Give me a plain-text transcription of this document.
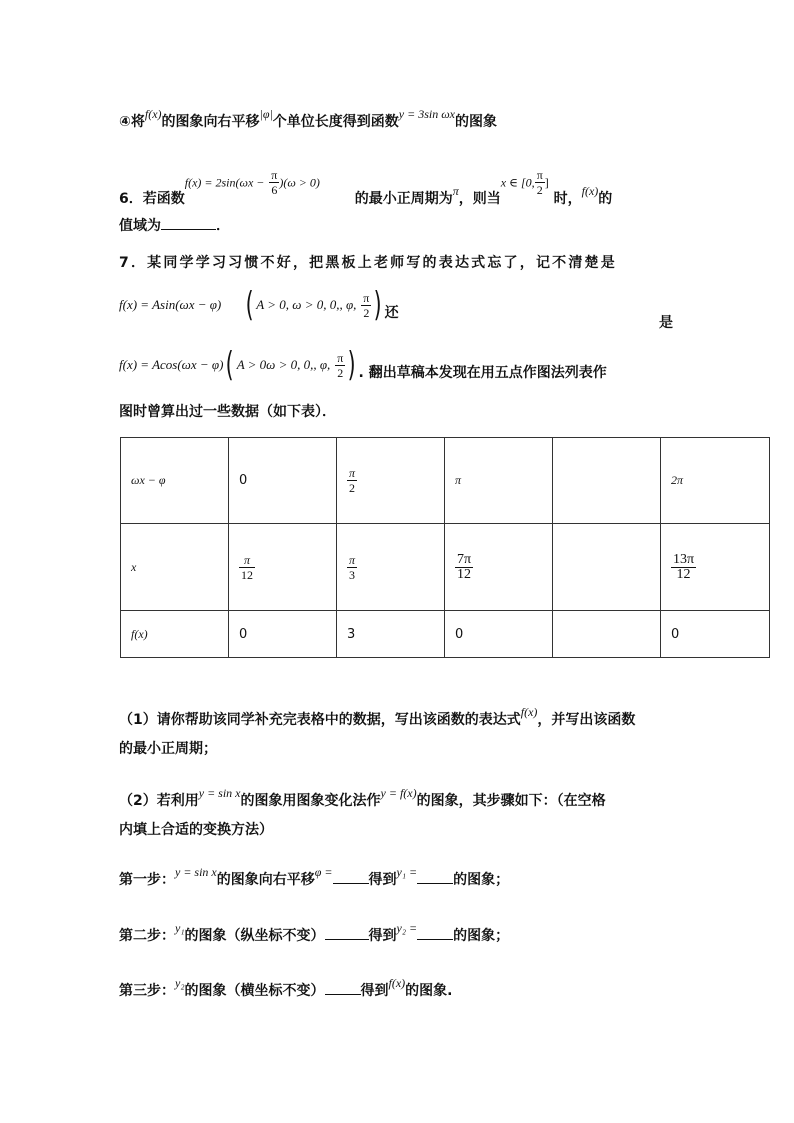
④将f(x)的图象向右平移|φ|个单位长度得到函数y = 3sin ωx的图象
6．若函数$f(x) = 2\sin(\omega x - \frac{\pi}{6} )(\omega > 0)$ 的最小正周期为π，则当x ∈ [0, $\frac{\pi}{2}$ ] 时，f(x)的
值域为	．
7．某同学学习习惯不好，把黑板上老师写的表达式忘了，记不清楚是
f(x) = Asin(ωx − φ) ( A > 0, ω > 0, 0,, φ, $\frac{\pi}{2}$ ) 还
是
f(x) = Acos(ωx − φ)( A > 0ω > 0, 0,, φ, $\frac{\pi}{2}$ ) . 翻出草稿本发现在用五点作图法列表作
图时曾算出过一些数据（如下表）．
ωx − φ	0	$\frac{\pi}{2}$	π		2π
x	$\frac{\pi}{12}$	$\frac{\pi}{3}$	$\frac{7\pi}{12}$		$\frac{13\pi}{12}$

f(x)	0	3	0		0
（1）请你帮助该同学补充完表格中的数据，写出该函数的表达式f(x)，并写出该函数
的最小正周期；
（2）若利用y = sin x的图象用图象变化法作y = f(x)的图象，其步骤如下：（在空格
内填上合适的变换方法）
第一步：y = sin x的图象向右平移φ =	得到y₁ =	的图象；
第二步：y₁的图象（纵坐标不变）	得到y₂ =	的图象；
第三步：y₂的图象（横坐标不变）	得到f(x)的图象.
